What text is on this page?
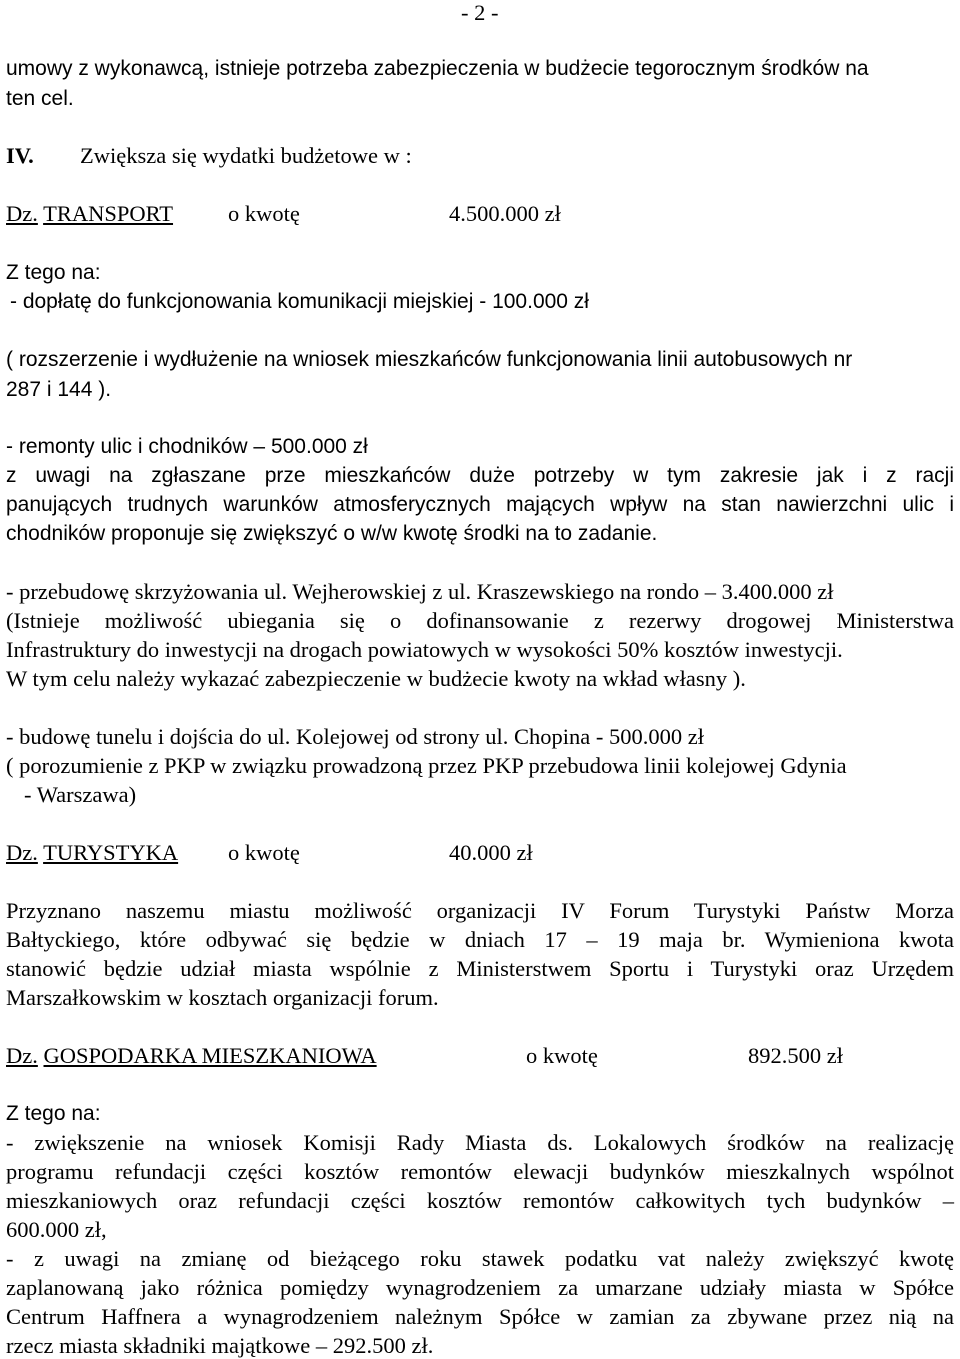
- 2 -

umowy z wykonawcą, istnieje potrzeba zabezpieczenia w budżecie tegorocznym środków na

ten cel.

IV. Zwiększa się wydatki budżetowe w :

Dz. TRANSPORT o kwotę	4.500.000 zł

Z tego na:

- dopłatę do funkcjonowania komunikacji miejskiej - 100.000 zł

( rozszerzenie i wydłużenie na wniosek mieszkańców funkcjonowania linii autobusowych nr

287 i 144 ).

- remonty ulic i chodników – 500.000 zł

z uwagi na zgłaszane prze mieszkańców duże potrzeby w tym zakresie jak i z racji

panujących trudnych warunków atmosferycznych mających wpływ na stan nawierzchni ulic i

chodników proponuje się zwiększyć o w/w kwotę środki na to zadanie.

- przebudowę skrzyżowania ul. Wejherowskiej z ul. Kraszewskiego na rondo – 3.400.000 zł

(Istnieje możliwość ubiegania się o dofinansowanie z rezerwy drogowej Ministerstwa

Infrastruktury do inwestycji na drogach powiatowych w wysokości 50% kosztów inwestycji.

W tym celu należy wykazać zabezpieczenie w budżecie kwoty na wkład własny ).

- budowę tunelu i dojścia do ul. Kolejowej od strony ul. Chopina - 500.000 zł

( porozumienie z PKP w związku prowadzoną przez PKP przebudowa linii kolejowej Gdynia

- Warszawa)

Dz. TURYSTYKA o kwotę	40.000 zł

Przyznano naszemu miastu możliwość organizacji IV Forum Turystyki Państw Morza

Bałtyckiego, które odbywać się będzie w dniach 17 – 19 maja br. Wymieniona kwota

stanowić będzie udział miasta wspólnie z Ministerstwem Sportu i Turystyki oraz Urzędem

Marszałkowskim w kosztach organizacji forum.

Dz. GOSPODARKA MIESZKANIOWA	o kwotę	892.500 zł

Z tego na:

- zwiększenie na wniosek Komisji Rady Miasta ds. Lokalowych środków na realizację

programu refundacji części kosztów remontów elewacji budynków mieszkalnych wspólnot

mieszkaniowych oraz refundacji części kosztów remontów całkowitych tych budynków –

600.000 zł,

- z uwagi na zmianę od bieżącego roku stawek podatku vat należy zwiększyć kwotę

zaplanowaną jako różnica pomiędzy wynagrodzeniem za umarzane udziały miasta w Spółce

Centrum Haffnera a wynagrodzeniem należnym Spółce w zamian za zbywane przez nią na

rzecz miasta składniki majątkowe – 292.500 zł.
